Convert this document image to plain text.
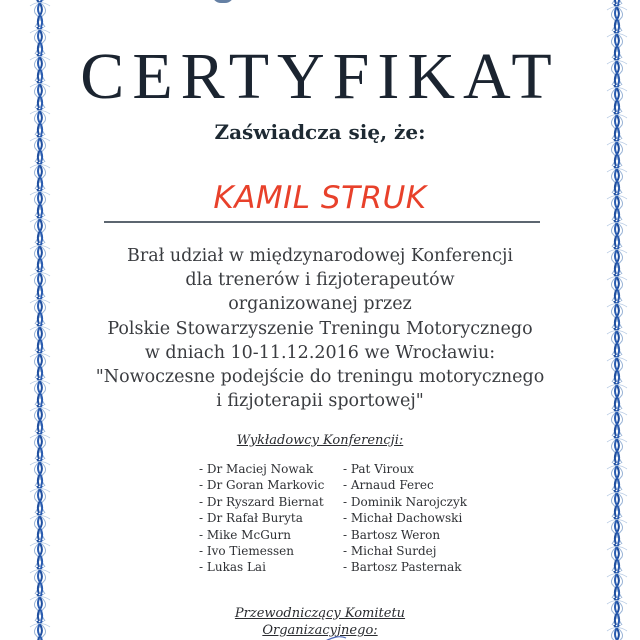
CERTYFIKAT
Zaświadcza się, że:
KAMIL STRUK
Brał udział w międzynarodowej Konferencji
dla trenerów i fizjoterapeutów
organizowanej przez
Polskie Stowarzyszenie Treningu Motorycznego
w dniach 10-11.12.2016 we Wrocławiu:
"Nowoczesne podejście do treningu motorycznego
i fizjoterapii sportowej"
Wykładowcy Konferencji:
- Dr Maciej Nowak
- Dr Goran Markovic
- Dr Ryszard Biernat
- Dr Rafał Buryta
- Mike McGurn
- Ivo Tiemessen
- Lukas Lai
- Pat Viroux
- Arnaud Ferec
- Dominik Narojczyk
- Michał Dachowski
- Bartosz Weron
- Michał Surdej
- Bartosz Pasternak
Przewodniczący Komitetu
Organizacyjnego:
